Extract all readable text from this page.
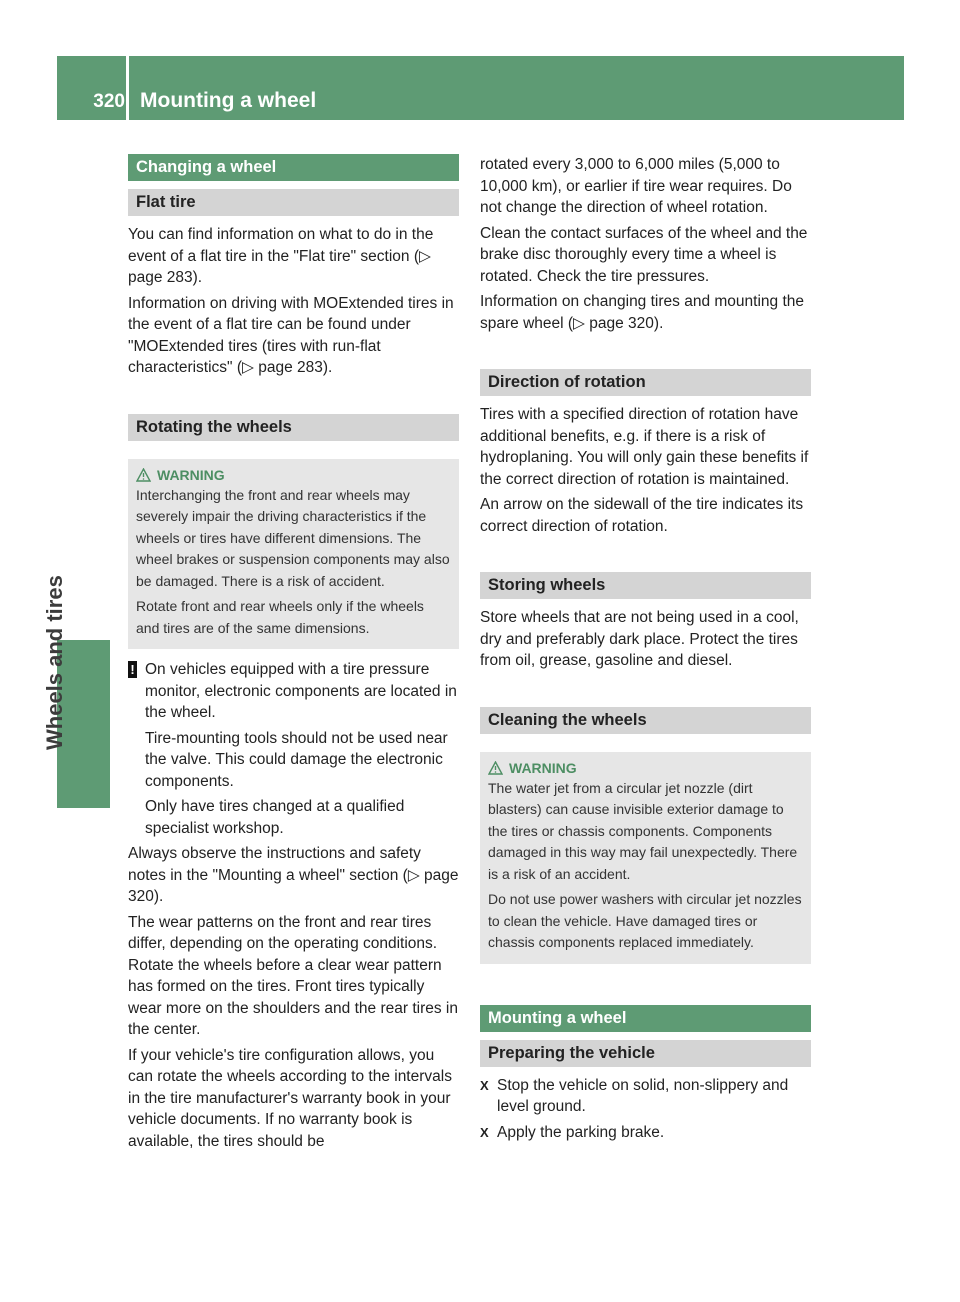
320 Mounting a wheel
Wheels and tires
Changing a wheel
Flat tire

You can find information on what to do in the event of a flat tire in the "Flat tire" section (▷ page 283).

Information on driving with MOExtended tires in the event of a flat tire can be found under "MOExtended tires (tires with run-flat characteristics" (▷ page 283).

Rotating the wheels
WARNING

Interchanging the front and rear wheels may severely impair the driving characteristics if the wheels or tires have different dimensions. The wheel brakes or suspension components may also be damaged. There is a risk of accident.

Rotate front and rear wheels only if the wheels and tires are of the same dimensions.

! On vehicles equipped with a tire pressure monitor, electronic components are located in the wheel.

Tire-mounting tools should not be used near the valve. This could damage the electronic components.

Only have tires changed at a qualified specialist workshop.

Always observe the instructions and safety notes in the "Mounting a wheel" section (▷ page 320).

The wear patterns on the front and rear tires differ, depending on the operating conditions. Rotate the wheels before a clear wear pattern has formed on the tires. Front tires typically wear more on the shoulders and the rear tires in the center.

If your vehicle's tire configuration allows, you can rotate the wheels according to the intervals in the tire manufacturer's warranty book in your vehicle documents. If no warranty book is available, the tires should be

rotated every 3,000 to 6,000 miles (5,000 to 10,000 km), or earlier if tire wear requires. Do not change the direction of wheel rotation.

Clean the contact surfaces of the wheel and the brake disc thoroughly every time a wheel is rotated. Check the tire pressures.

Information on changing tires and mounting the spare wheel (▷ page 320).

Direction of rotation

Tires with a specified direction of rotation have additional benefits, e.g. if there is a risk of hydroplaning. You will only gain these benefits if the correct direction of rotation is maintained.

An arrow on the sidewall of the tire indicates its correct direction of rotation.

Storing wheels

Store wheels that are not being used in a cool, dry and preferably dark place. Protect the tires from oil, grease, gasoline and diesel.

Cleaning the wheels
WARNING

The water jet from a circular jet nozzle (dirt blasters) can cause invisible exterior damage to the tires or chassis components. Components damaged in this way may fail unexpectedly. There is a risk of an accident.

Do not use power washers with circular jet nozzles to clean the vehicle. Have damaged tires or chassis components replaced immediately.

Mounting a wheel
Preparing the vehicle
X Stop the vehicle on solid, non-slippery and level ground.

X Apply the parking brake.
